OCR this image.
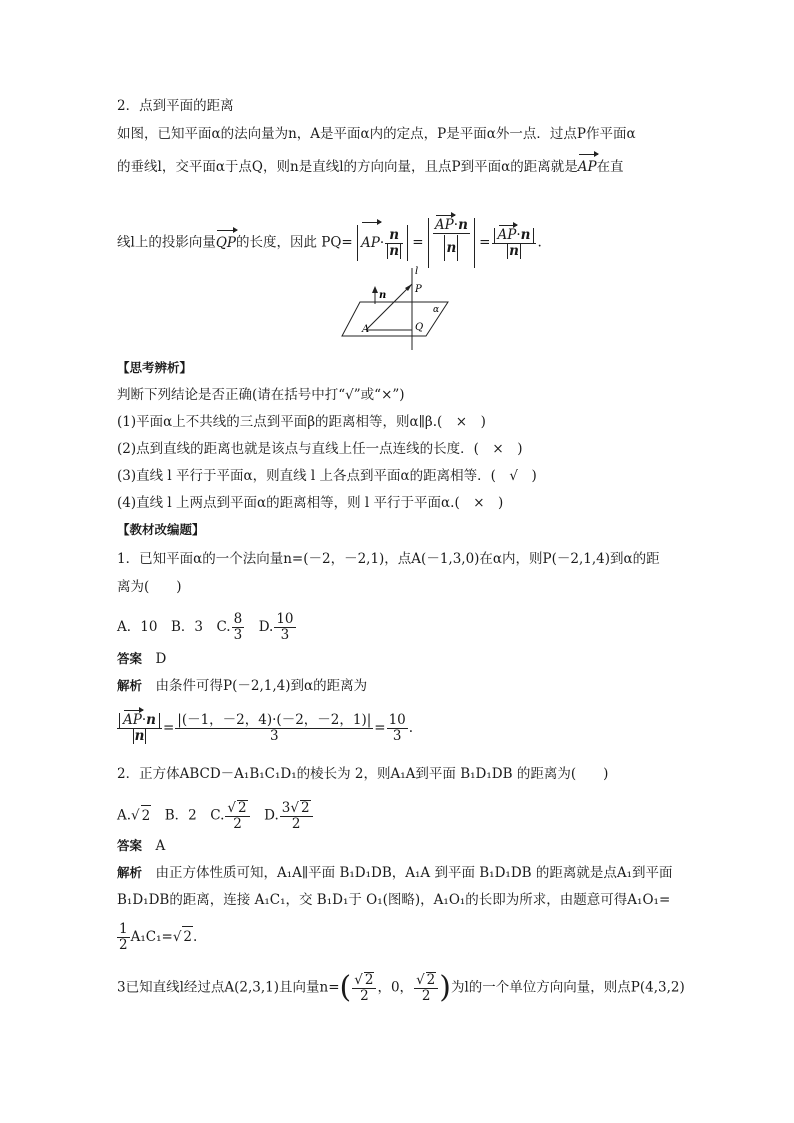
2．点到平面的距离
如图，已知平面α的法向量为n，A是平面α内的定点，P是平面α外一点．过点P作平面α
的垂线l，交平面α于点Q，则n是直线l的方向向量，且点P到平面α的距离就是AP在直
线l上的投影向量QP的长度，因此 $PQ= AP\cdot \frac{n}{n} = \frac{AP\cdot n}{n} = \frac{AP\cdot n}{n}$ .
l
n
P
α
A	Q
【思考辨析】
判断下列结论是否正确(请在括号中打“√”或“×”)
(1)平面α上不共线的三点到平面β的距离相等，则α∥β.(　×　)
(2)点到直线的距离也就是该点与直线上任一点连线的长度．(　×　)
(3)直线 l 平行于平面α，则直线 l 上各点到平面α的距离相等．(　√　)
(4)直线 l 上两点到平面α的距离相等，则 l 平行于平面α.(　×　)
【教材改编题】
1．已知平面α的一个法向量n=(－2，－2,1)，点A(－1,3,0)在α内，则P(－2,1,4)到α的距
离为(　　)
A．10　 B．3　 C. $\frac{8}{3}$
　 D. $\frac{10}{3}$
答案　 D
解析　 由条件可得P(－2,1,4)到α的距离为
$\frac{AP\cdot n}{n} = \frac{|(-1,-2,4)\cdot(-2,-2,1)|}{3} = \frac{10}{3}$ .
2．正方体ABCD－A₁B₁C₁D₁的棱长为 2，则A₁A到平面 B₁D₁DB 的距离为(　　)
A.√ 2　 B．2　 C. $\frac{√ 2}{2}$
　 D. $\frac{3√ 2}{2}$
答案　 A
解析　 由正方体性质可知，A₁A∥平面 B₁D₁DB，A₁A 到平面 B₁D₁DB 的距离就是点A₁到平面
B₁D₁DB的距离，连接 A₁C₁，交 B₁D₁于 O₁(图略)，A₁O₁的长即为所求，由题意可得A₁O₁=
$\frac{1}{2} A_1C_1=√$ 2.
3已知直线l经过点A(2,3,1)且向量$n=( \frac{√ 2}{2}$ ，0， $\frac{√ 2}{2}$ )为l的一个单位方向向量，则点P(4,3,2)
